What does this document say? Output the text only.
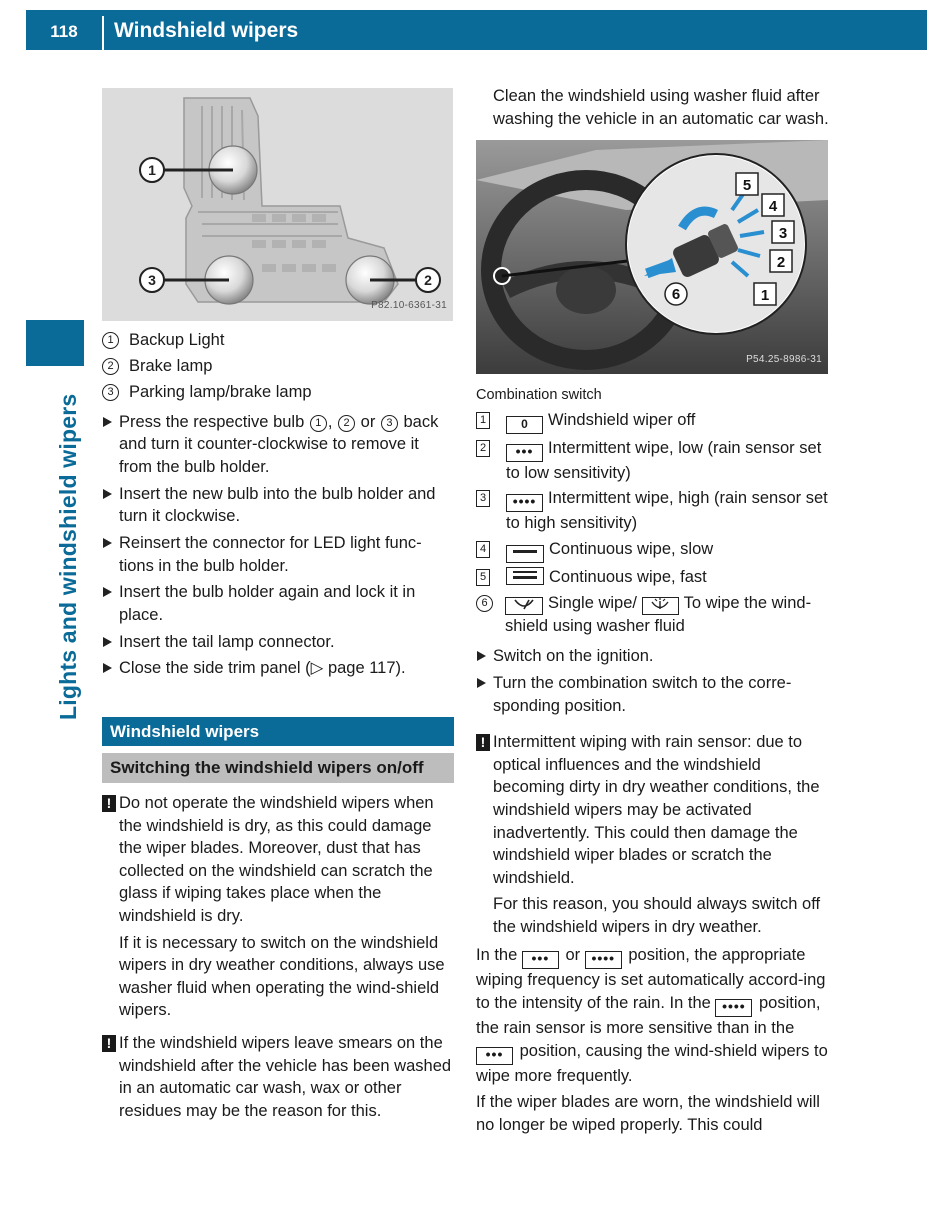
118	Windshield wipers
Lights and windshield wipers
1
3	2
P82.10-6361-31
1 Backup Light
2 Brake lamp
3 Parking lamp/brake lamp
Press the respective bulb 1 , 2 or 3 back and turn it counter-clockwise to remove it from the bulb holder.
Insert the new bulb into the bulb holder and turn it clockwise.
Reinsert the connector for LED light func-tions in the bulb holder.
Insert the bulb holder again and lock it in place.
Insert the tail lamp connector.
Close the side trim panel (▷ page 117).
Windshield wipers
Switching the windshield wipers on/off
! Do not operate the windshield wipers when the windshield is dry, as this could damage the wiper blades. Moreover, dust that has collected on the windshield can scratch the glass if wiping takes place when the windshield is dry.

If it is necessary to switch on the windshield wipers in dry weather conditions, always use washer fluid when operating the wind-shield wipers.

! If the windshield wipers leave smears on the windshield after the vehicle has been washed in an automatic car wash, wax or other residues may be the reason for this.

Clean the windshield using washer fluid after washing the vehicle in an automatic car wash.

5
4
3
2
1
6
P54.25-8986-31
Combination switch
1	0 Windshield wiper off
2	••• Intermittent wipe, low (rain sensor set to low sensitivity)
3	•••• Intermittent wipe, high (rain sensor set to high sensitivity)
4	Continuous wipe, slow
5	Continuous wipe, fast
6	Single wipe/	To wipe the wind-shield using washer fluid
Switch on the ignition.
Turn the combination switch to the corre-sponding position.
! Intermittent wiping with rain sensor: due to optical influences and the windshield becoming dirty in dry weather conditions, the windshield wipers may be activated inadvertently. This could then damage the windshield wiper blades or scratch the windshield.

For this reason, you should always switch off the windshield wipers in dry weather.

In the ••• or •••• position, the appropriate wiping frequency is set automatically accord-ing to the intensity of the rain. In the •••• position, the rain sensor is more sensitive than in the ••• position, causing the wind-shield wipers to wipe more frequently.

If the wiper blades are worn, the windshield will no longer be wiped properly. This could
